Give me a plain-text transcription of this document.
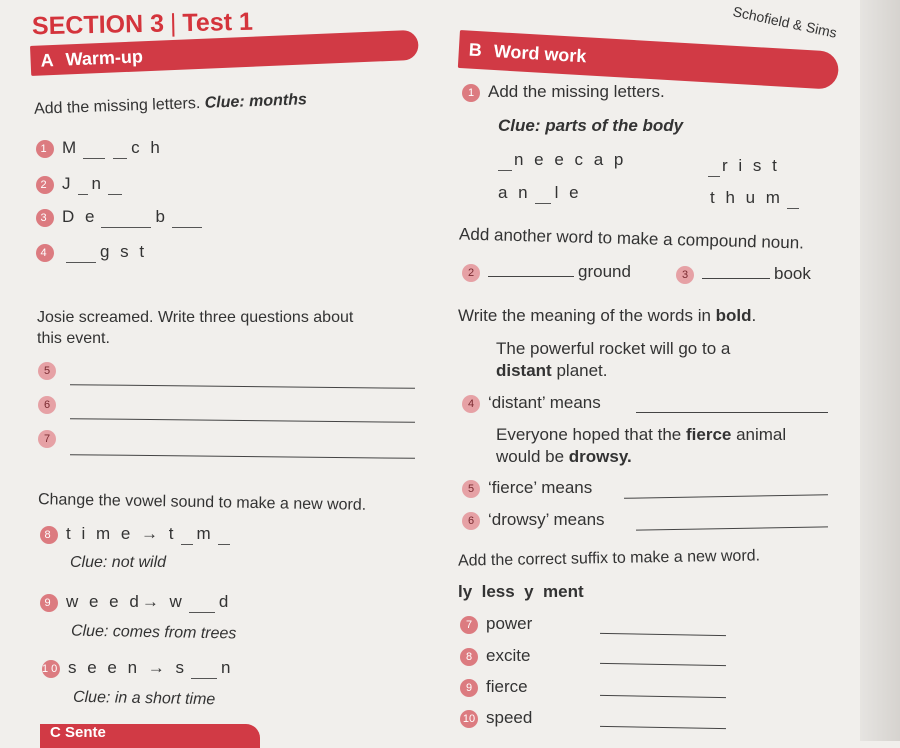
SECTION 3 | Test 1	Schofield & Sims
A Warm-up	B Word work
Add the missing letters. Clue: months
1 M	c h
2 J n
3 D e	b
4	g s t
Josie screamed. Write three questions about this event.
5
6
7
Change the vowel sound to make a new word.
8 t i m e → t m
Clue: not wild
9 w e e d→ w d
Clue: comes from trees
10 s e e n → s n
Clue: in a short time
C Sente
1 Add the missing letters.
Clue: parts of the body
n e e c a p	r i s t
a n l e	t h u m
Add another word to make a compound noun.
2	ground	3	book
Write the meaning of the words in bold.
The powerful rocket will go to a
distant planet.
4 ‘distant’ means
Everyone hoped that the fierce animal
would be drowsy.
5 ‘fierce’ means
6 ‘drowsy’ means
Add the correct suffix to make a new word.
ly  less  y  ment
7 power
8 excite
9 fierce
10 speed
